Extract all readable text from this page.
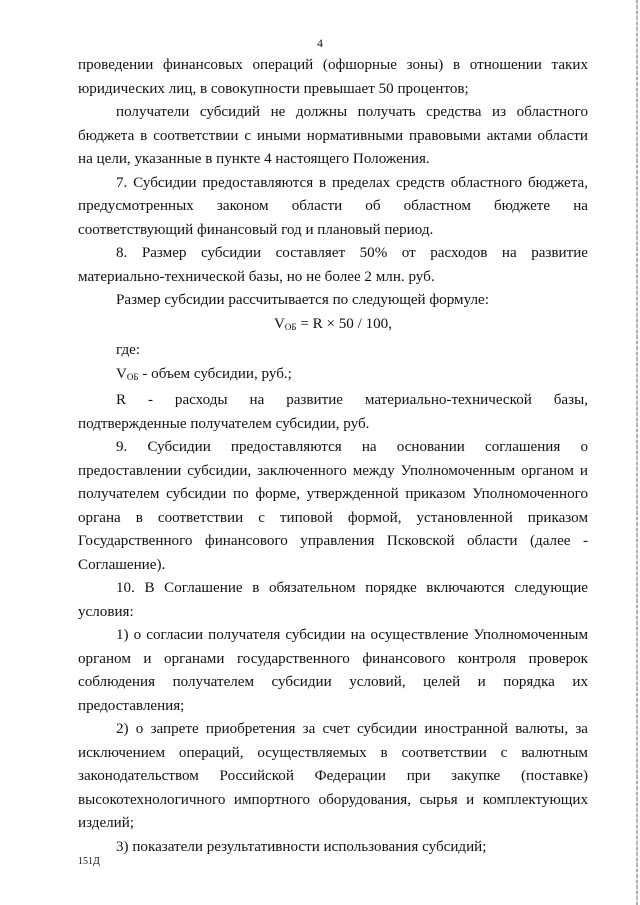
4

проведении финансовых операций (офшорные зоны) в отношении таких юридических лиц, в совокупности превышает 50 процентов;

получатели субсидий не должны получать средства из областного бюджета в соответствии с иными нормативными правовыми актами области на цели, указанные в пункте 4 настоящего Положения.

7. Субсидии предоставляются в пределах средств областного бюджета, предусмотренных законом области об областном бюджете на соответствующий финансовый год и плановый период.

8. Размер субсидии составляет 50% от расходов на развитие материально-технической базы, но не более 2 млн. руб.

Размер субсидии рассчитывается по следующей формуле:

$V_{ОБ} = R \times 50 / 100$,

где:

$V_{ОБ}$ - объем субсидии, руб.;

R - расходы на развитие материально-технической базы, подтвержденные получателем субсидии, руб.

9. Субсидии предоставляются на основании соглашения о предоставлении субсидии, заключенного между Уполномоченным органом и получателем субсидии по форме, утвержденной приказом Уполномоченного органа в соответствии с типовой формой, установленной приказом Государственного финансового управления Псковской области (далее - Соглашение).

10. В Соглашение в обязательном порядке включаются следующие условия:

1) о согласии получателя субсидии на осуществление Уполномоченным органом и органами государственного финансового контроля проверок соблюдения получателем субсидии условий, целей и порядка их предоставления;

2) о запрете приобретения за счет субсидии иностранной валюты, за исключением операций, осуществляемых в соответствии с валютным законодательством Российской Федерации при закупке (поставке) высокотехнологичного импортного оборудования, сырья и комплектующих изделий;

3) показатели результативности использования субсидий;

151Д
